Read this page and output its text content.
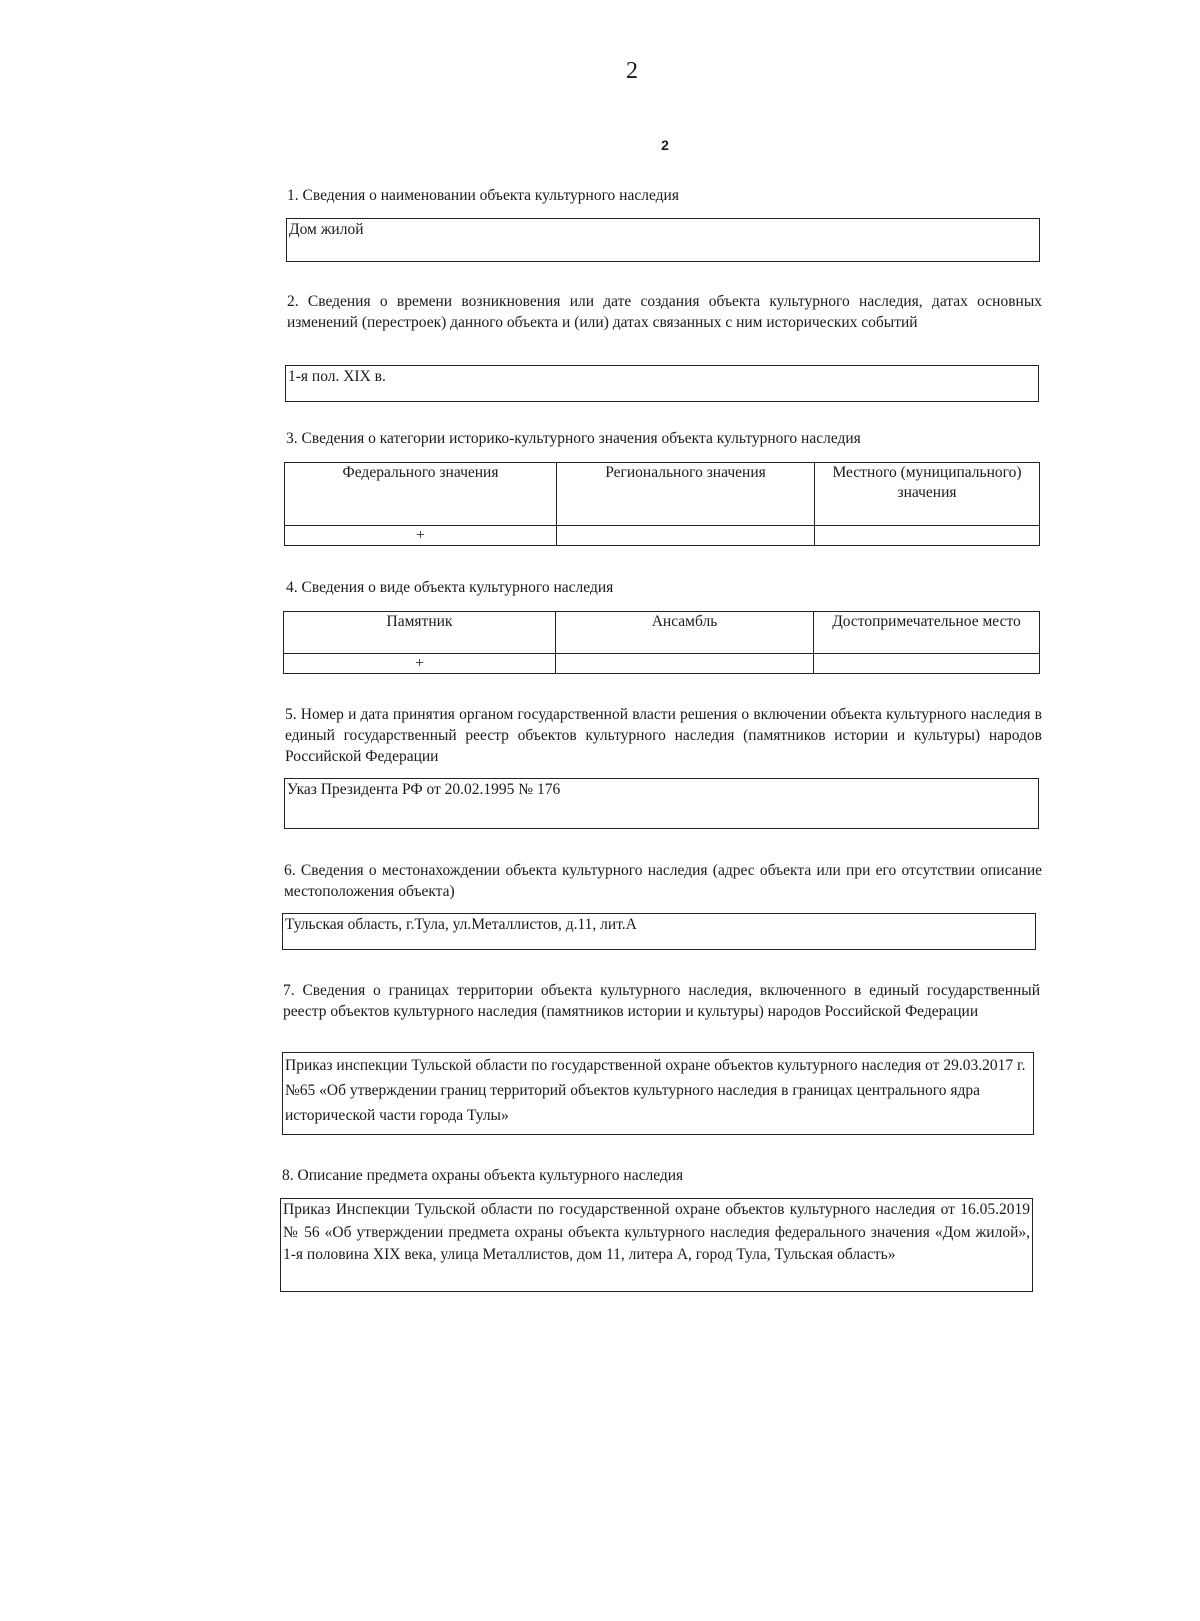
2
2
1. Сведения о наименовании объекта культурного наследия
Дом жилой
2. Сведения о времени возникновения или дате создания объекта культурного наследия, датах основных изменений (перестроек) данного объекта и (или) датах связанных с ним исторических событий
1-я пол. XIX в.
3. Сведения о категории историко-культурного значения объекта культурного наследия
Федерального значения	Регионального значения	Местного (муниципального) значения
+		
4. Сведения о виде объекта культурного наследия
Памятник	Ансамбль	Достопримечательное место
+		
5. Номер и дата принятия органом государственной власти решения о включении объекта культурного наследия в единый государственный реестр объектов культурного наследия (памятников истории и культуры) народов Российской Федерации
Указ Президента РФ от 20.02.1995 № 176
6. Сведения о местонахождении объекта культурного наследия (адрес объекта или при его отсутствии описание местоположения объекта)
Тульская область, г.Тула, ул.Металлистов, д.11, лит.А
7. Сведения о границах территории объекта культурного наследия, включенного в единый государственный реестр объектов культурного наследия (памятников истории и культуры) народов Российской Федерации
Приказ инспекции Тульской области по государственной охране объектов культурного наследия от 29.03.2017 г. №65 «Об утверждении границ территорий объектов культурного наследия в границах центрального ядра исторической части города Тулы»
8. Описание предмета охраны объекта культурного наследия
Приказ Инспекции Тульской области по государственной охране объектов культурного наследия от 16.05.2019 № 56 «Об утверждении предмета охраны объекта культурного наследия федерального значения «Дом жилой», 1-я половина XIX века, улица Металлистов, дом 11, литера А, город Тула, Тульская область»
